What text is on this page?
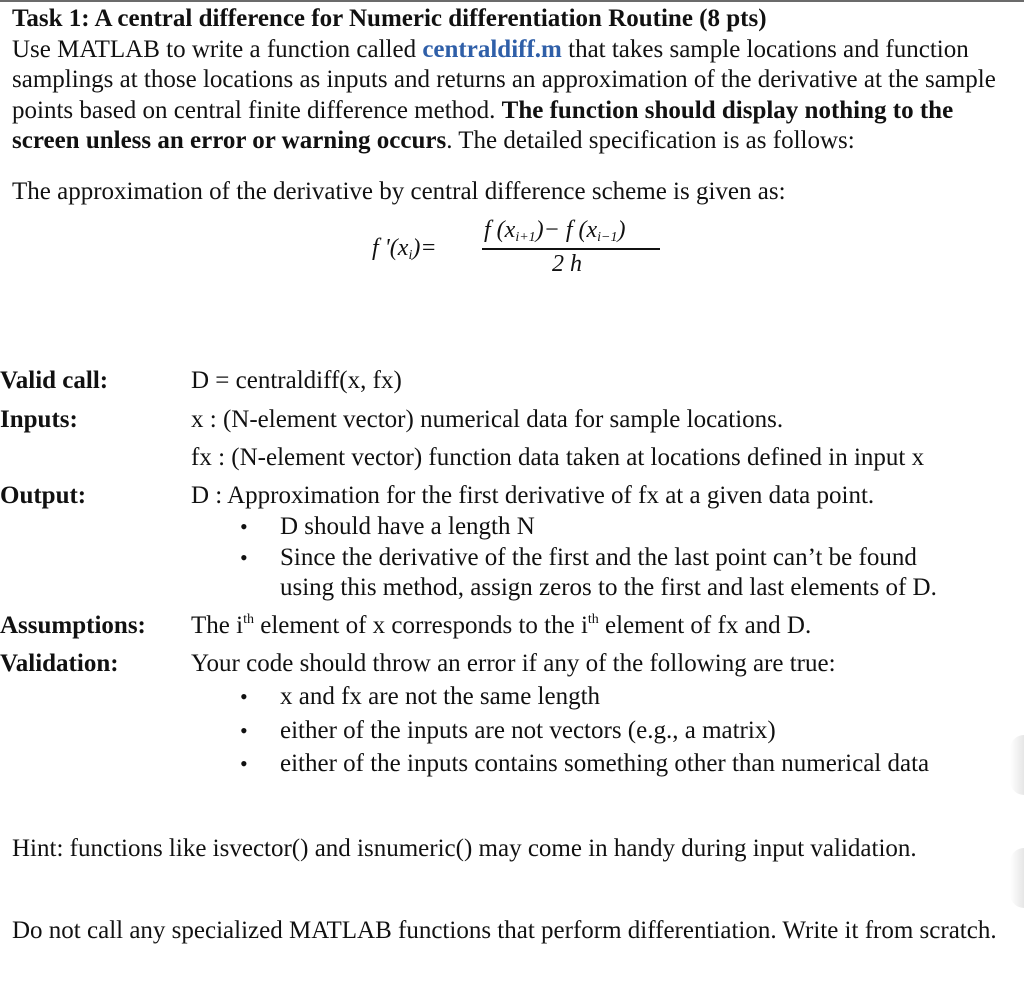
Task 1: A central difference for Numeric differentiation Routine (8 pts)
Use MATLAB to write a function called centraldiff.m that takes sample locations and function samplings at those locations as inputs and returns an approximation of the derivative at the sample points based on central finite difference method. The function should display nothing to the screen unless an error or warning occurs. The detailed specification is as follows:

The approximation of the derivative by central difference scheme is given as:

f '$(x_i)=$
f $(x_{i+1})- f$ $(x_{i-1})$
2 h
Valid call:	D = centraldiff(x, fx)
Inputs:	x : (N-element vector) numerical data for sample locations.
fx : (N-element vector) function data taken at locations defined in input x
Output:	D : Approximation for the first derivative of fx at a given data point.
• D should have a length N
• Since the derivative of the first and the last point can’t be found
using this method, assign zeros to the first and last elements of D.
Assumptions: The $i^{th}$ element of x corresponds to the $i^{th}$ element of fx and D.
Validation:	Your code should throw an error if any of the following are true:
• x and fx are not the same length
• either of the inputs are not vectors (e.g., a matrix)
• either of the inputs contains something other than numerical data
Hint: functions like isvector() and isnumeric() may come in handy during input validation.
Do not call any specialized MATLAB functions that perform differentiation. Write it from scratch.
